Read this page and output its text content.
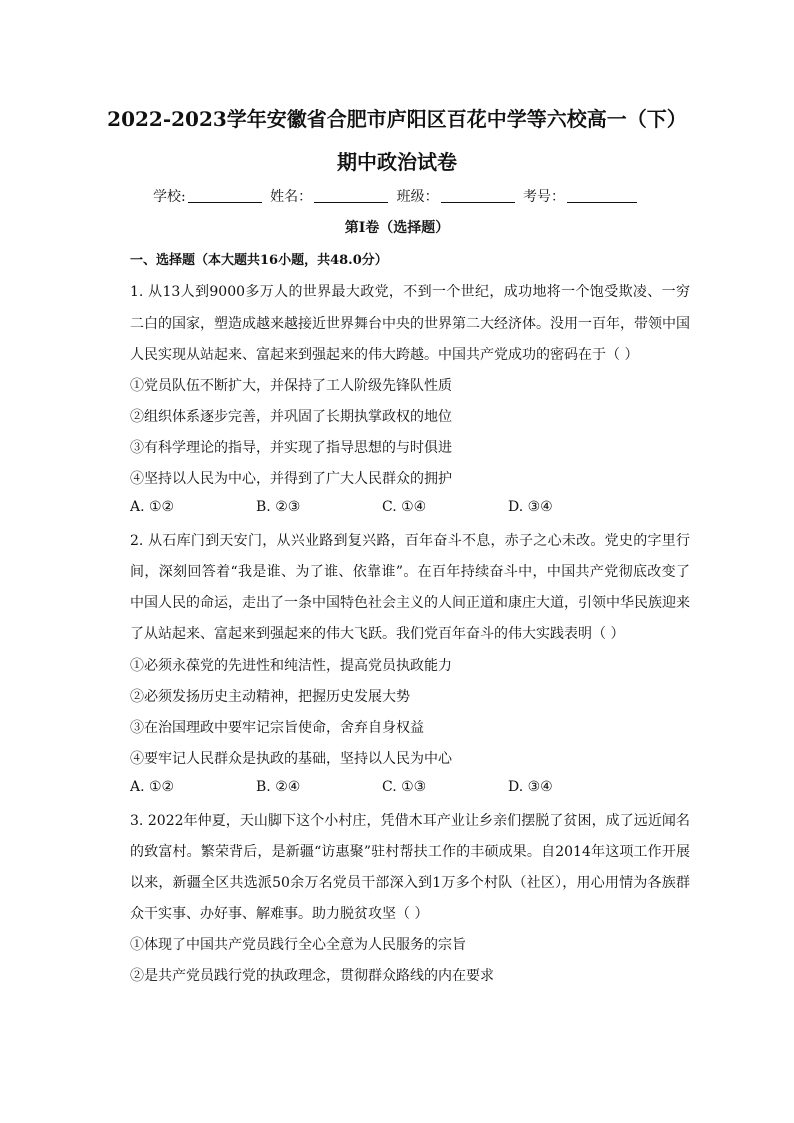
2022-2023学年安徽省合肥市庐阳区百花中学等六校高一（下）
期中政治试卷
学校:	姓名：	班级：	考号：
第Ⅰ卷（选择题）
一、选择题（本大题共16小题，共48.0分）
1. 从13人到9000多万人的世界最大政党，不到一个世纪，成功地将一个饱受欺凌、一穷
二白的国家，塑造成越来越接近世界舞台中央的世界第二大经济体。没用一百年，带领中国
人民实现从站起来、富起来到强起来的伟大跨越。中国共产党成功的密码在于（ ）
①党员队伍不断扩大，并保持了工人阶级先锋队性质
②组织体系逐步完善，并巩固了长期执掌政权的地位
③有科学理论的指导，并实现了指导思想的与时俱进
④坚持以人民为中心，并得到了广大人民群众的拥护
A. ①②	B. ②③	C. ①④	D. ③④
2. 从石库门到天安门，从兴业路到复兴路，百年奋斗不息，赤子之心未改。党史的字里行
间，深刻回答着“我是谁、为了谁、依靠谁”。在百年持续奋斗中，中国共产党彻底改变了
中国人民的命运，走出了一条中国特色社会主义的人间正道和康庄大道，引领中华民族迎来
了从站起来、富起来到强起来的伟大飞跃。我们党百年奋斗的伟大实践表明（ ）
①必须永葆党的先进性和纯洁性，提高党员执政能力
②必须发扬历史主动精神，把握历史发展大势
③在治国理政中要牢记宗旨使命，舍弃自身权益
④要牢记人民群众是执政的基础，坚持以人民为中心
A. ①②	B. ②④	C. ①③	D. ③④
3. 2022年仲夏，天山脚下这个小村庄，凭借木耳产业让乡亲们摆脱了贫困，成了远近闻名
的致富村。繁荣背后，是新疆“访惠聚”驻村帮扶工作的丰硕成果。自2014年这项工作开展
以来，新疆全区共选派50余万名党员干部深入到1万多个村队（社区），用心用情为各族群
众干实事、办好事、解难事。助力脱贫攻坚（ ）
①体现了中国共产党员践行全心全意为人民服务的宗旨
②是共产党员践行党的执政理念，贯彻群众路线的内在要求
